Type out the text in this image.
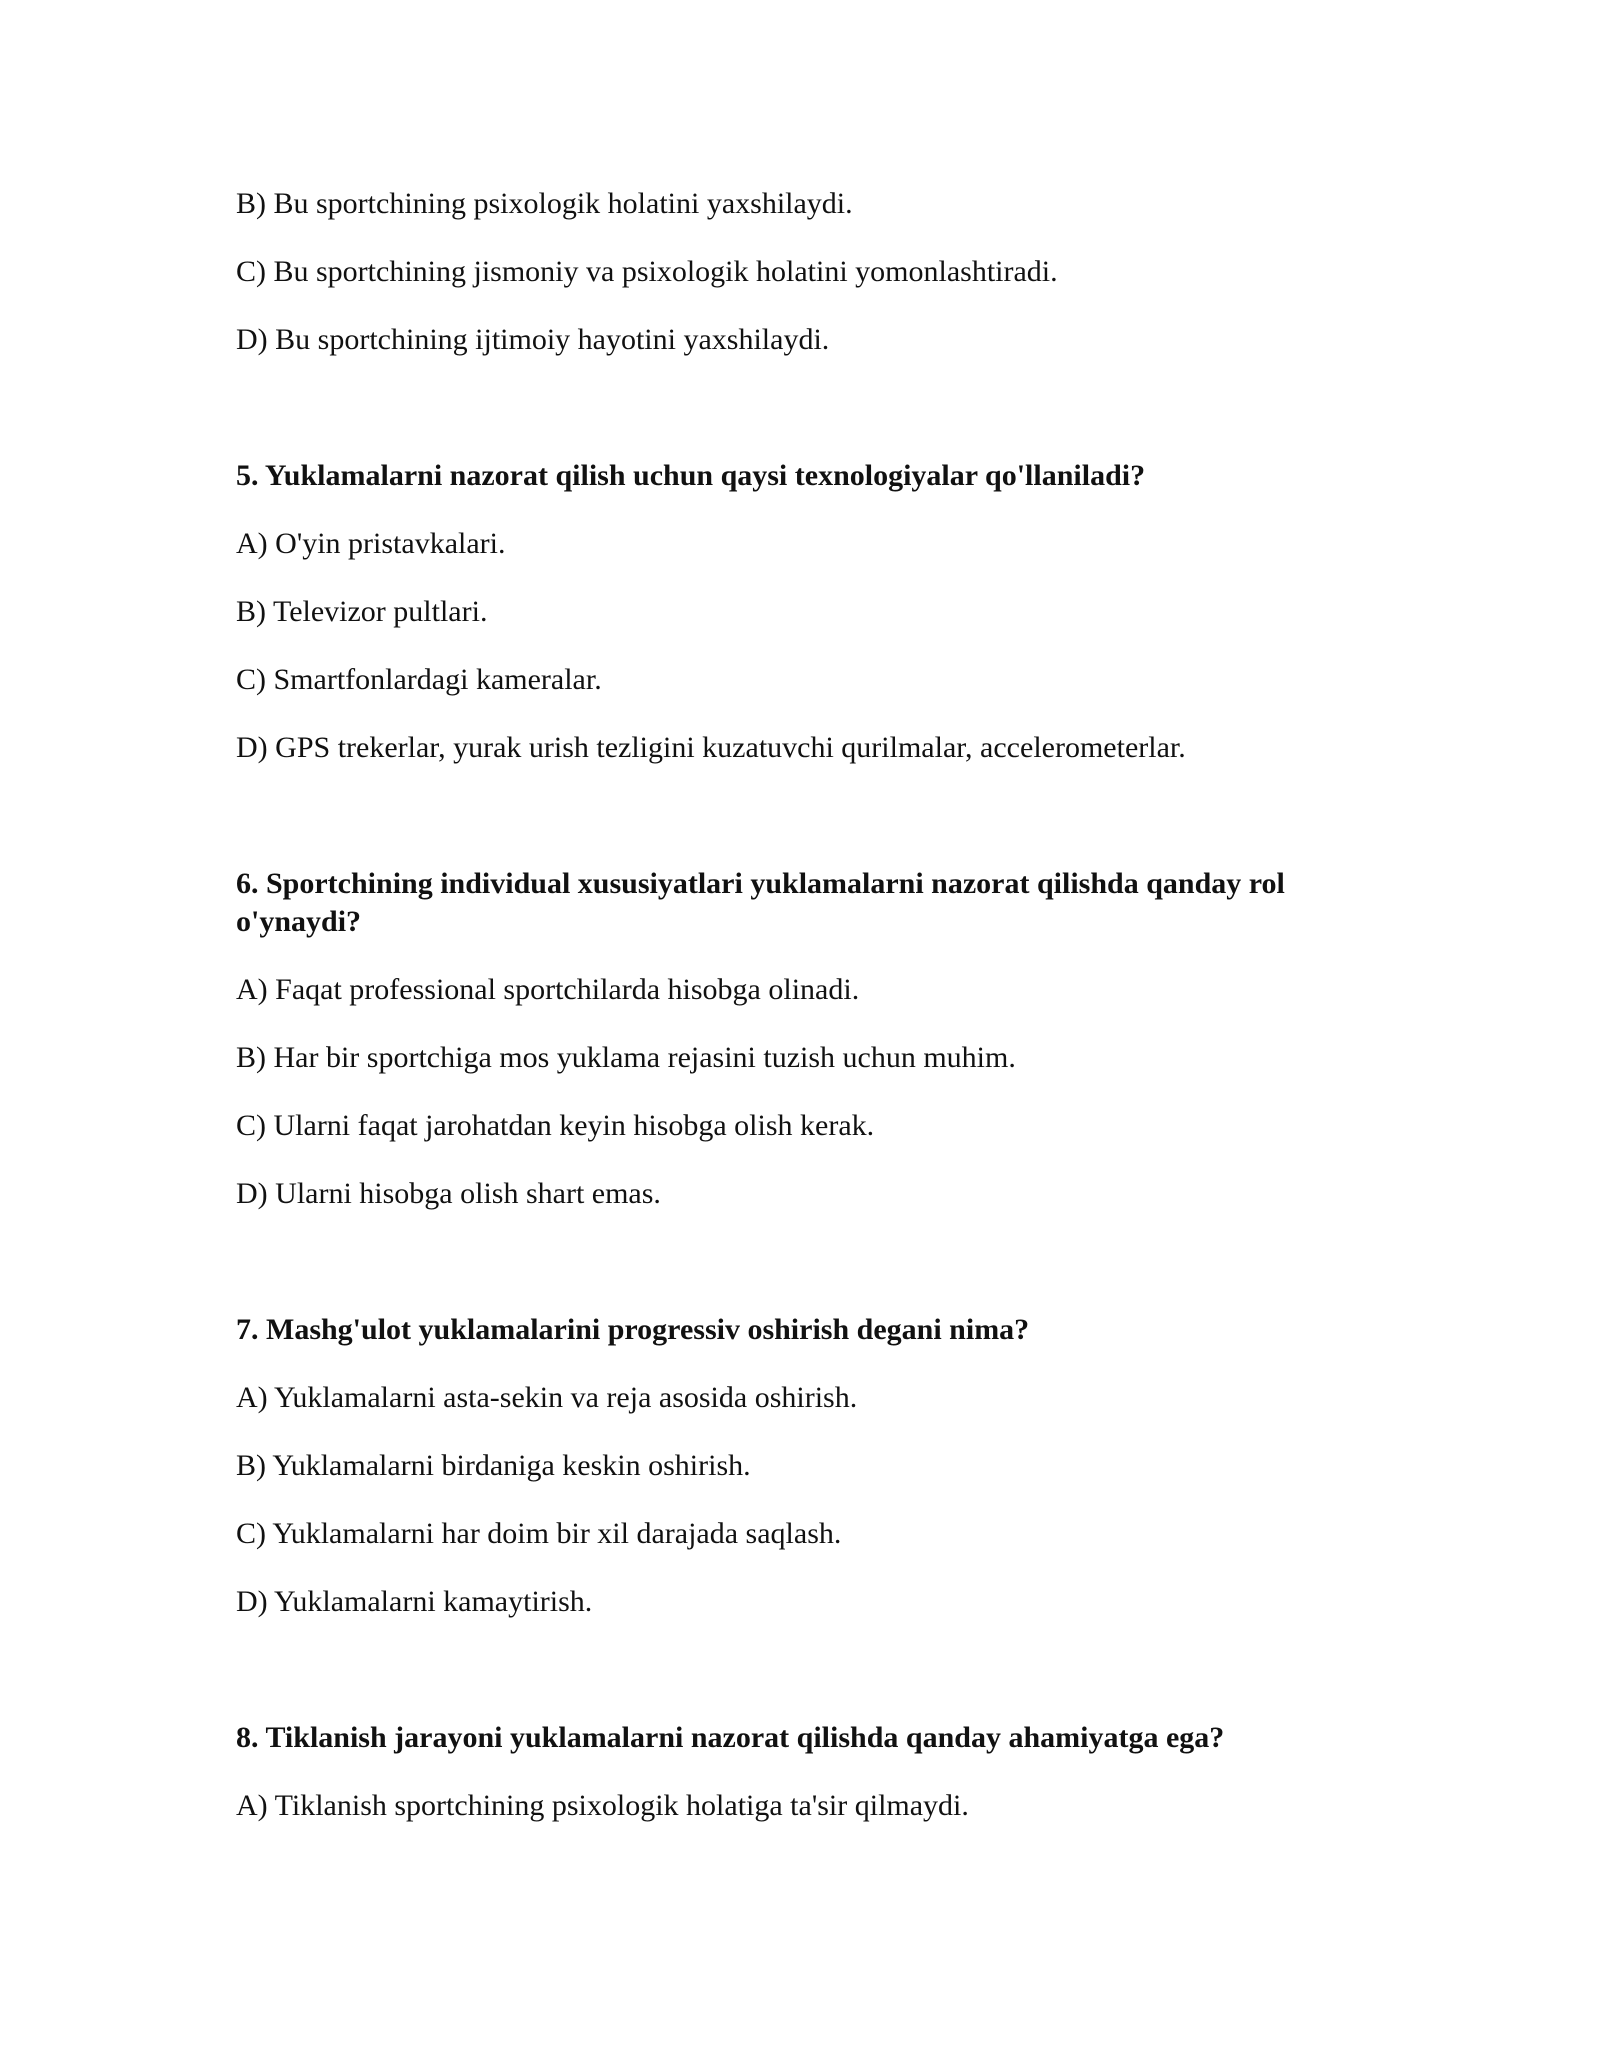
B) Bu sportchining psixologik holatini yaxshilaydi.

C) Bu sportchining jismoniy va psixologik holatini yomonlashtiradi.

D) Bu sportchining ijtimoiy hayotini yaxshilaydi.

5. Yuklamalarni nazorat qilish uchun qaysi texnologiyalar qo'llaniladi?

A) O'yin pristavkalari.

B) Televizor pultlari.

C) Smartfonlardagi kameralar.

D) GPS trekerlar, yurak urish tezligini kuzatuvchi qurilmalar, accelerometerlar.

6. Sportchining individual xususiyatlari yuklamalarni nazorat qilishda qanday rol o'ynaydi?

A) Faqat professional sportchilarda hisobga olinadi.

B) Har bir sportchiga mos yuklama rejasini tuzish uchun muhim.

C) Ularni faqat jarohatdan keyin hisobga olish kerak.

D) Ularni hisobga olish shart emas.

7. Mashg'ulot yuklamalarini progressiv oshirish degani nima?

A) Yuklamalarni asta-sekin va reja asosida oshirish.

B) Yuklamalarni birdaniga keskin oshirish.

C) Yuklamalarni har doim bir xil darajada saqlash.

D) Yuklamalarni kamaytirish.

8. Tiklanish jarayoni yuklamalarni nazorat qilishda qanday ahamiyatga ega?

A) Tiklanish sportchining psixologik holatiga ta'sir qilmaydi.
